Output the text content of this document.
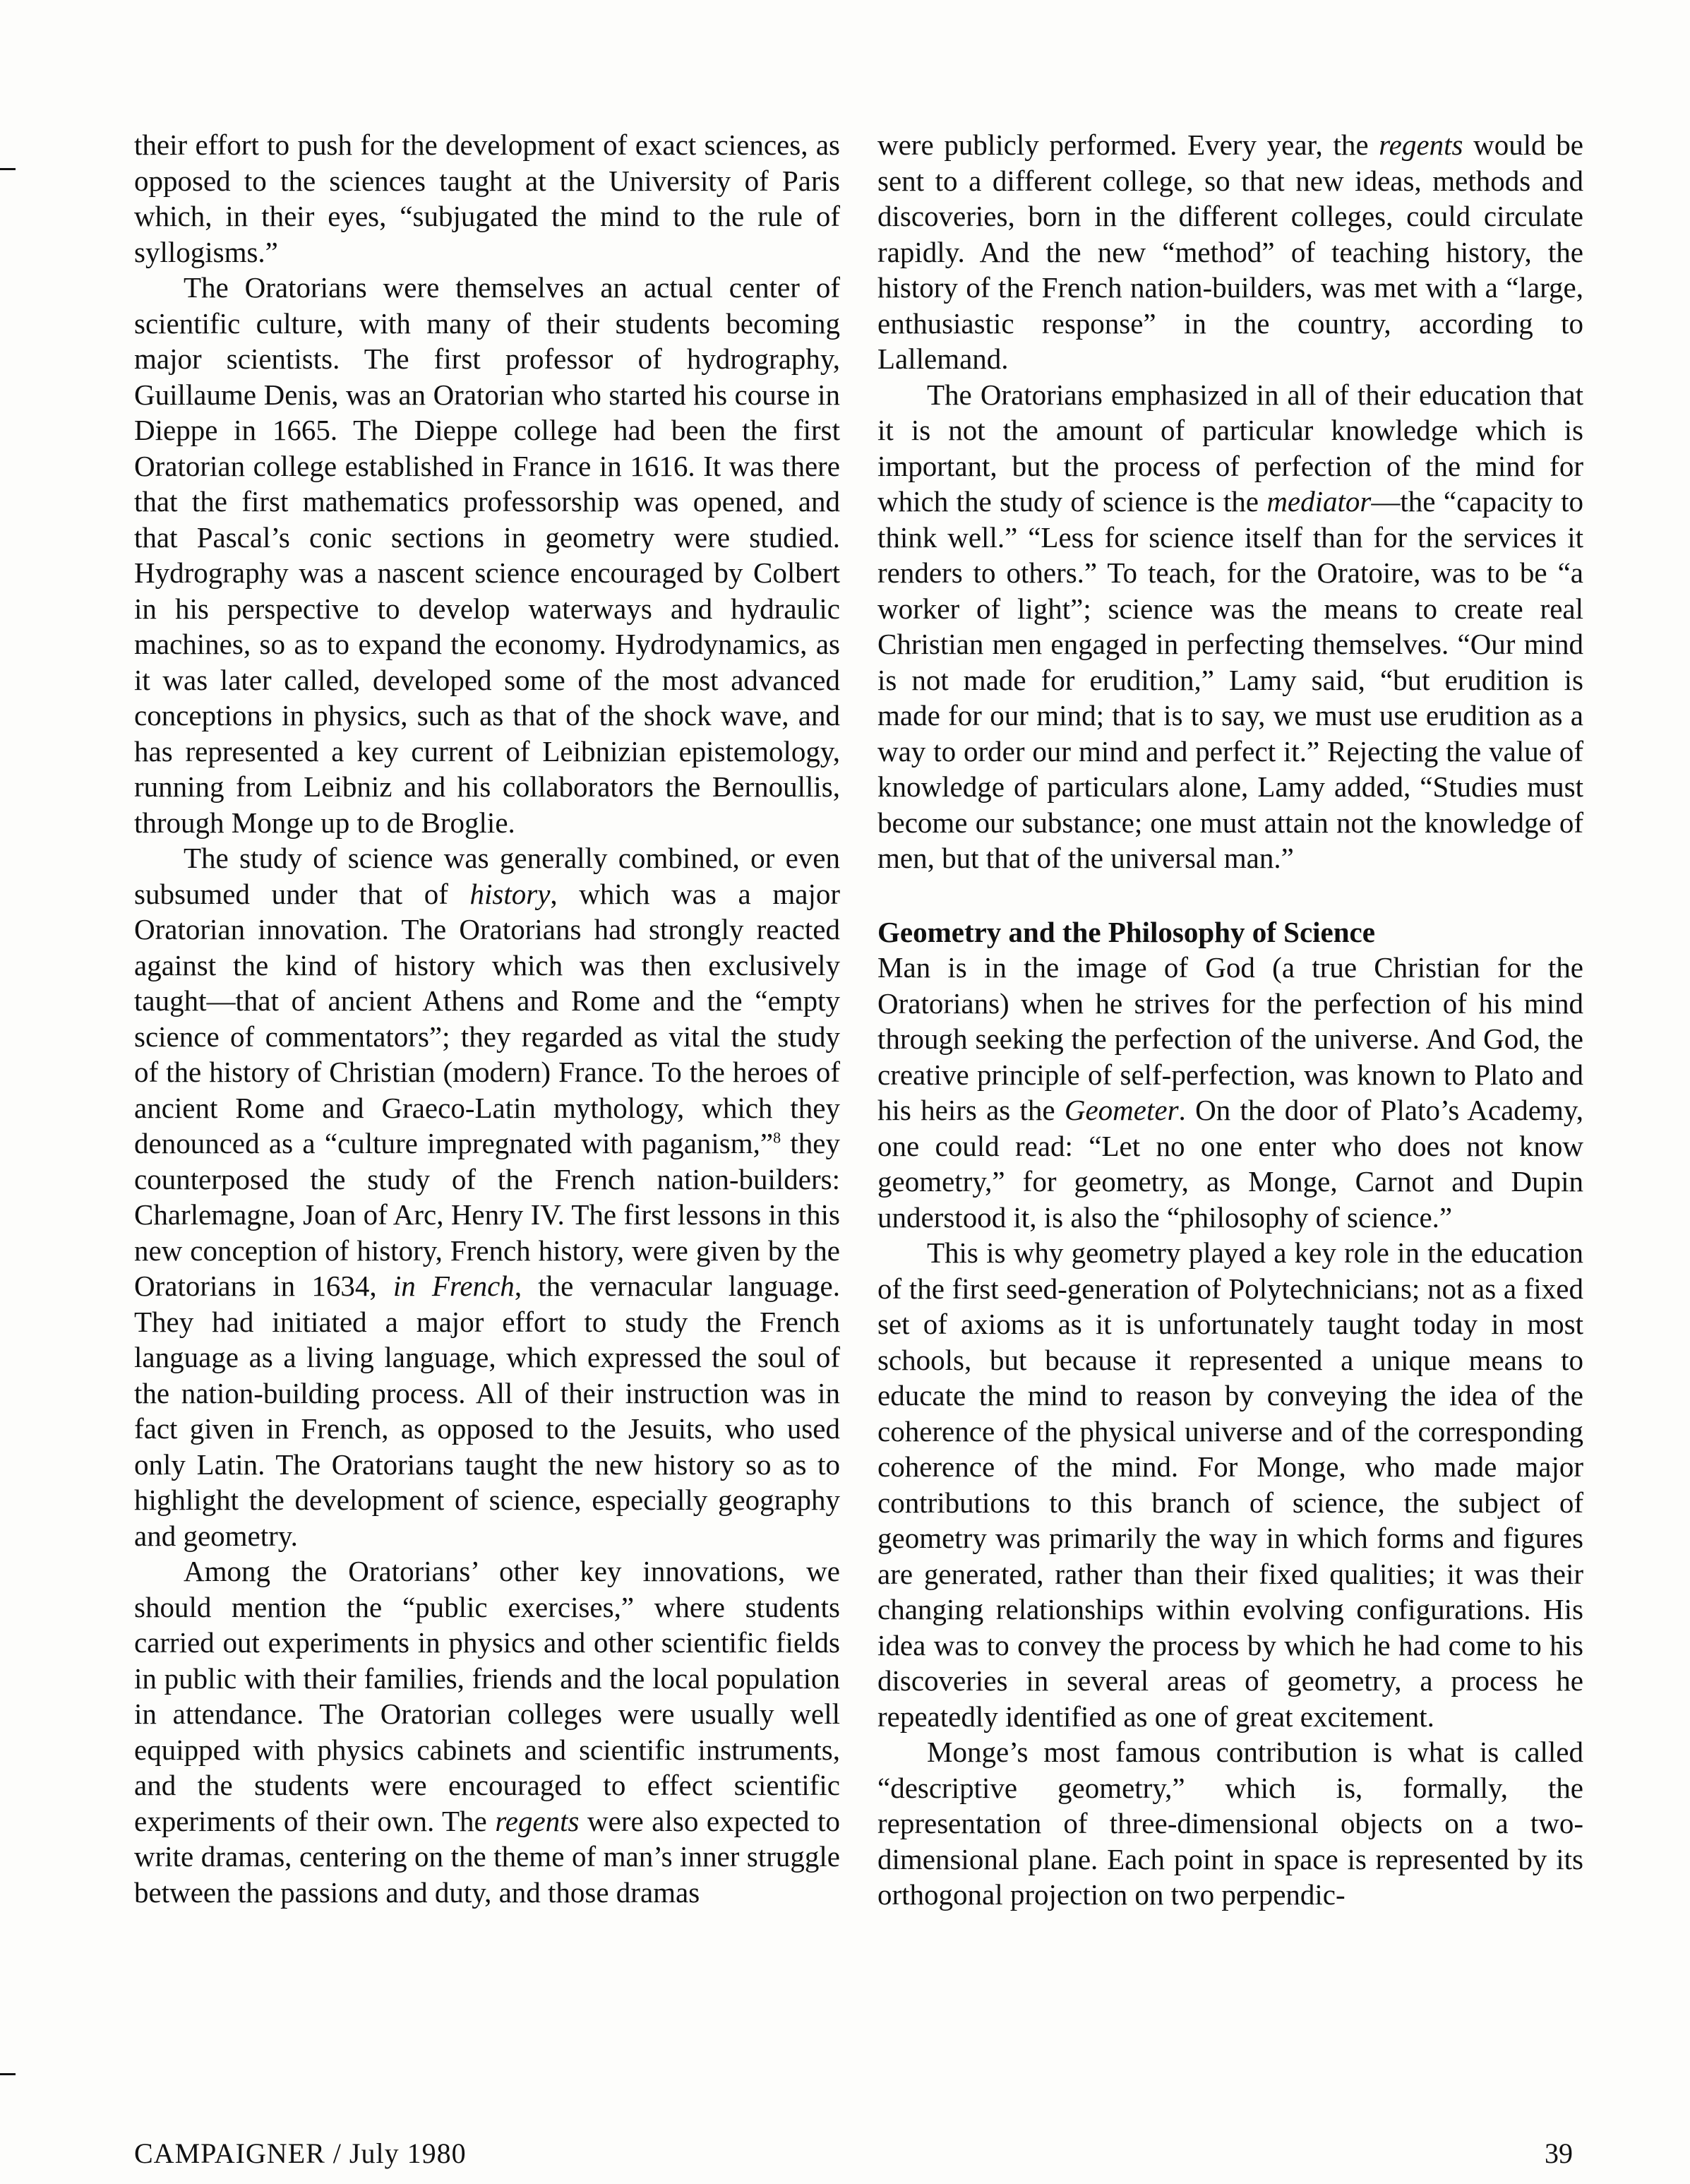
their effort to push for the development of exact sciences, as opposed to the sciences taught at the University of Paris which, in their eyes, “subjugated the mind to the rule of syllogisms.”

The Oratorians were themselves an actual center of scientific culture, with many of their students becoming major scientists. The first professor of hydrography, Guillaume Denis, was an Oratorian who started his course in Dieppe in 1665. The Dieppe college had been the first Oratorian college established in France in 1616. It was there that the first mathematics professorship was opened, and that Pascal’s conic sections in geometry were studied. Hydrography was a nascent science encouraged by Colbert in his perspective to develop waterways and hydraulic machines, so as to expand the economy. Hydrodynamics, as it was later called, developed some of the most advanced conceptions in physics, such as that of the shock wave, and has represented a key current of Leibnizian epistemology, running from Leibniz and his collaborators the Bernoullis, through Monge up to de Broglie.

The study of science was generally combined, or even subsumed under that of history, which was a major Oratorian innovation. The Oratorians had strongly reacted against the kind of history which was then exclusively taught—that of ancient Athens and Rome and the “empty science of commentators”; they regarded as vital the study of the history of Christian (modern) France. To the heroes of ancient Rome and Graeco-Latin mythology, which they denounced as a “culture impregnated with paganism,”$^8$ they counterposed the study of the French nation-builders: Charlemagne, Joan of Arc, Henry IV. The first lessons in this new conception of history, French history, were given by the Oratorians in 1634, in French, the vernacular language. They had initiated a major effort to study the French language as a living language, which expressed the soul of the nation-building process. All of their instruction was in fact given in French, as opposed to the Jesuits, who used only Latin. The Oratorians taught the new history so as to highlight the development of science, especially geography and geometry.

Among the Oratorians’ other key innovations, we should mention the “public exercises,” where students carried out experiments in physics and other scientific fields in public with their families, friends and the local population in attendance. The Oratorian colleges were usually well equipped with physics cabinets and scientific instruments, and the students were encouraged to effect scientific experiments of their own. The regents were also expected to write dramas, centering on the theme of man’s inner struggle between the passions and duty, and those dramas

were publicly performed. Every year, the regents would be sent to a different college, so that new ideas, methods and discoveries, born in the different colleges, could circulate rapidly. And the new “method” of teaching history, the history of the French nation-builders, was met with a “large, enthusiastic response” in the country, according to Lallemand.

The Oratorians emphasized in all of their education that it is not the amount of particular knowledge which is important, but the process of perfection of the mind for which the study of science is the mediator—the “capacity to think well.” “Less for science itself than for the services it renders to others.” To teach, for the Oratoire, was to be “a worker of light”; science was the means to create real Christian men engaged in perfecting themselves. “Our mind is not made for erudition,” Lamy said, “but erudition is made for our mind; that is to say, we must use erudition as a way to order our mind and perfect it.” Rejecting the value of knowledge of particulars alone, Lamy added, “Studies must become our substance; one must attain not the knowledge of men, but that of the universal man.”

Geometry and the Philosophy of Science

Man is in the image of God (a true Christian for the Oratorians) when he strives for the perfection of his mind through seeking the perfection of the universe. And God, the creative principle of self-perfection, was known to Plato and his heirs as the Geometer. On the door of Plato’s Academy, one could read: “Let no one enter who does not know geometry,” for geometry, as Monge, Carnot and Dupin understood it, is also the “philosophy of science.”

This is why geometry played a key role in the education of the first seed-generation of Polytechnicians; not as a fixed set of axioms as it is unfortunately taught today in most schools, but because it represented a unique means to educate the mind to reason by conveying the idea of the coherence of the physical universe and of the corresponding coherence of the mind. For Monge, who made major contributions to this branch of science, the subject of geometry was primarily the way in which forms and figures are generated, rather than their fixed qualities; it was their changing relationships within evolving configurations. His idea was to convey the process by which he had come to his discoveries in several areas of geometry, a process he repeatedly identified as one of great excitement.

Monge’s most famous contribution is what is called “descriptive geometry,” which is, formally, the representation of three-dimensional objects on a two-dimensional plane. Each point in space is represented by its orthogonal projection on two perpendic-

CAMPAIGNER / July 1980	39
